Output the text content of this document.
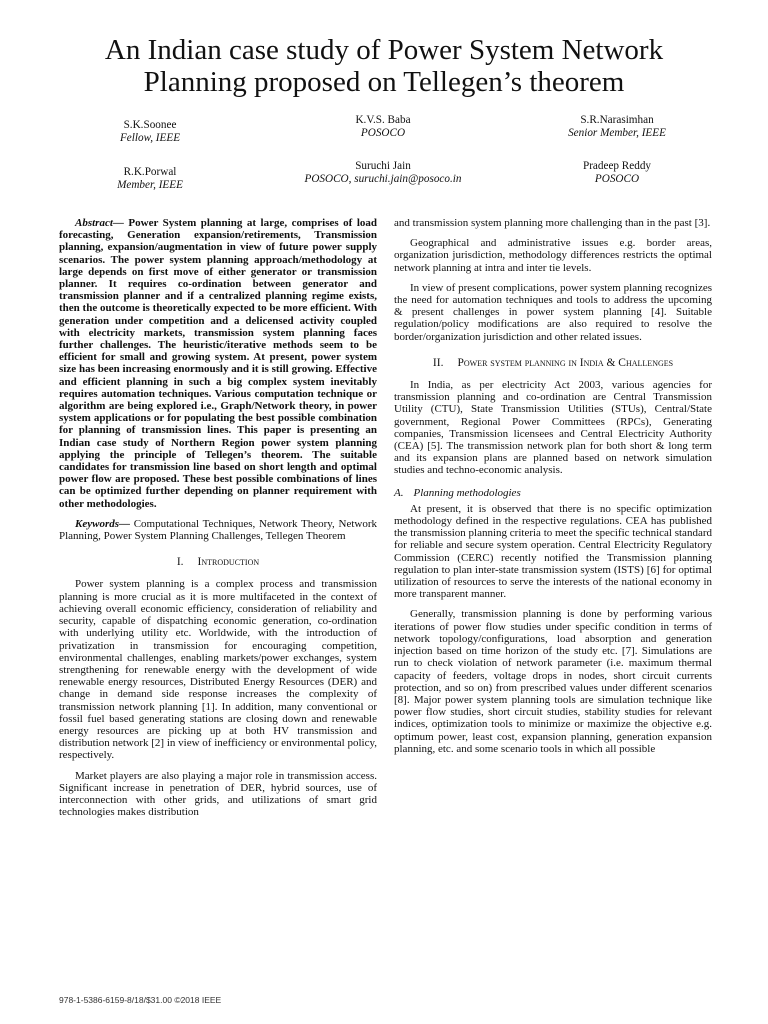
An Indian case study of Power System Network
Planning proposed on Tellegen’s theorem
S.K.Soonee
Fellow, IEEE
K.V.S. Baba
POSOCO
S.R.Narasimhan
Senior Member, IEEE
R.K.Porwal
Member, IEEE
Suruchi Jain
POSOCO, suruchi.jain@posoco.in
Pradeep Reddy
POSOCO

Abstract— Power System planning at large, comprises of load forecasting, Generation expansion/retirements, Transmission planning, expansion/augmentation in view of future power supply scenarios. The power system planning approach/methodology at large depends on first move of either generator or transmission planner. It requires co-ordination between generator and transmission planner and if a centralized planning regime exists, then the outcome is theoretically expected to be more efficient. With generation under competition and a delicensed activity coupled with electricity markets, transmission system planning faces further challenges. The heuristic/iterative methods seem to be efficient for small and growing system. At present, power system size has been increasing enormously and it is still growing. Effective and efficient planning in such a big complex system inevitably requires automation techniques. Various computation technique or algorithm are being explored i.e., Graph/Network theory, in power system applications or for populating the best possible combination for planning of transmission lines. This paper is presenting an Indian case study of Northern Region power system planning applying the principle of Tellegen’s theorem. The suitable candidates for transmission line based on short length and optimal power flow are proposed. These best possible combinations of lines can be optimized further depending on planner requirement with other methodologies.

Keywords— Computational Techniques, Network Theory, Network Planning, Power System Planning Challenges, Tellegen Theorem

I. Introduction

Power system planning is a complex process and transmission planning is more crucial as it is more multifaceted in the context of achieving overall economic efficiency, consideration of reliability and security, capable of dispatching economic generation, co-ordination with underlying utility etc. Worldwide, with the introduction of privatization in transmission for encouraging competition, environmental challenges, enabling markets/power exchanges, system strengthening for renewable energy with the development of wide renewable energy resources, Distributed Energy Resources (DER) and change in demand side response increases the complexity of transmission network planning [1]. In addition, many conventional or fossil fuel based generating stations are closing down and renewable energy resources are picking up at both HV transmission and distribution network [2] in view of inefficiency or environmental policy, respectively.

Market players are also playing a major role in transmission access. Significant increase in penetration of DER, hybrid sources, use of interconnection with other grids, and utilizations of smart grid technologies makes distribution

and transmission system planning more challenging than in the past [3].

Geographical and administrative issues e.g. border areas, organization jurisdiction, methodology differences restricts the optimal network planning at intra and inter tie levels.

In view of present complications, power system planning recognizes the need for automation techniques and tools to address the upcoming & present challenges in power system planning [4]. Suitable regulation/policy modifications are also required to resolve the border/organization jurisdiction and other related issues.

II. Power system planning in India & Challenges

In India, as per electricity Act 2003, various agencies for transmission planning and co-ordination are Central Transmission Utility (CTU), State Transmission Utilities (STUs), Central/State government, Regional Power Committees (RPCs), Generating companies, Transmission licensees and Central Electricity Authority (CEA) [5]. The transmission network plan for both short & long term and its expansion plans are planned based on network simulation studies and techno-economic analysis.

A. Planning methodologies

At present, it is observed that there is no specific optimization methodology defined in the respective regulations. CEA has published the transmission planning criteria to meet the specific technical standard for reliable and secure system operation. Central Electricity Regulatory Commission (CERC) recently notified the Transmission planning regulation to plan inter-state transmission system (ISTS) [6] for optimal utilization of resources to serve the interests of the national economy in more transparent manner.

Generally, transmission planning is done by performing various iterations of power flow studies under specific condition in terms of network topology/configurations, load absorption and generation injection based on time horizon of the study etc. [7]. Simulations are run to check violation of network parameter (i.e. maximum thermal capacity of feeders, voltage drops in nodes, short circuit currents protection, and so on) from prescribed values under different scenarios [8]. Major power system planning tools are simulation technique like power flow studies, short circuit studies, stability studies for relevant indices, optimization tools to minimize or maximize the objective e.g. optimum power, least cost, expansion planning, generation expansion planning, etc. and some scenario tools in which all possible

978-1-5386-6159-8/18/$31.00 ©2018 IEEE
